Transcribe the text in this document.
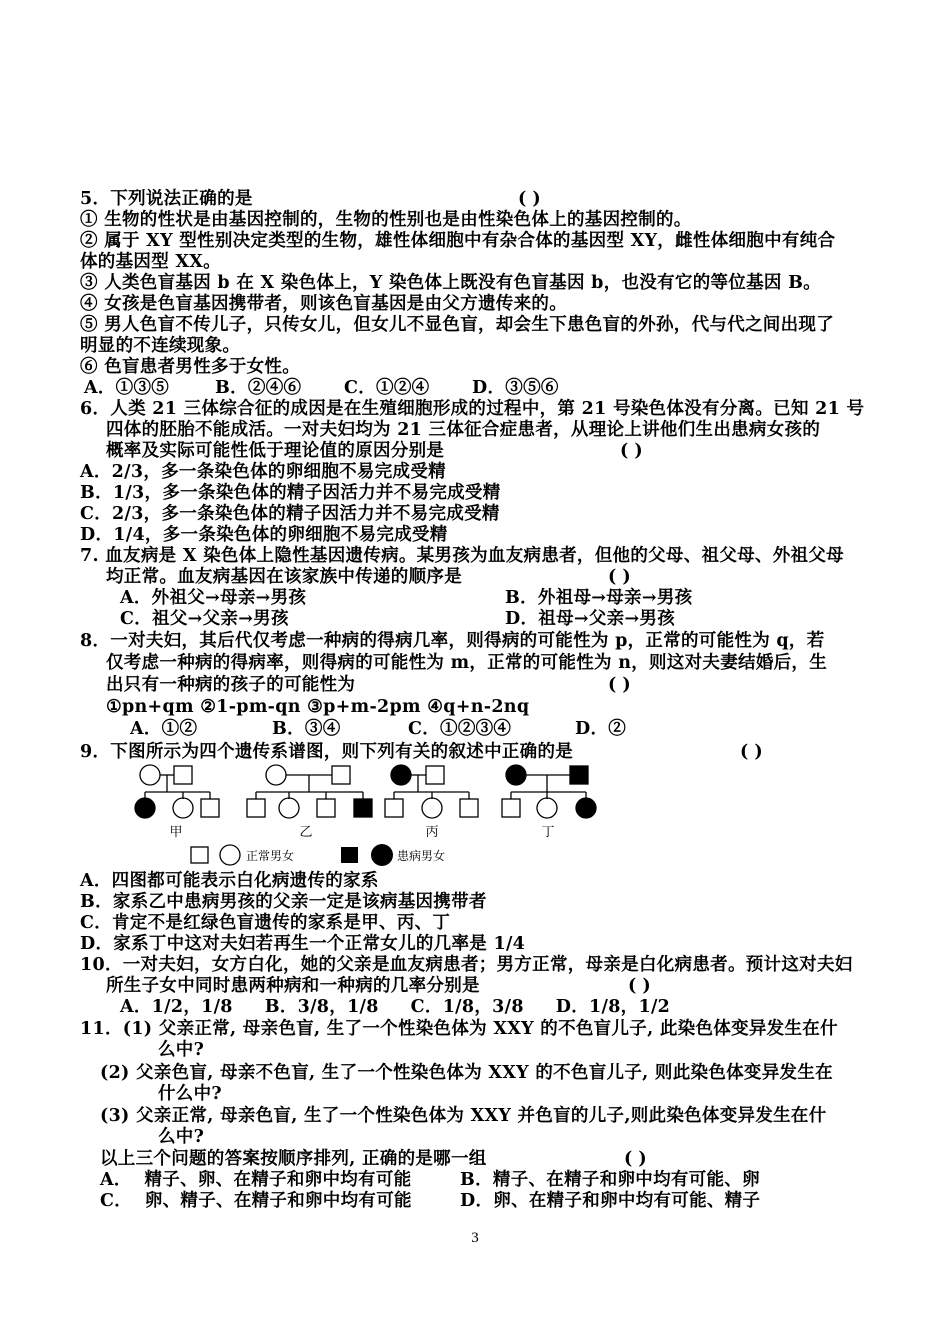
5．下列说法正确的是	( )
① 生物的性状是由基因控制的，生物的性别也是由性染色体上的基因控制的。
② 属于 XY 型性别决定类型的生物，雄性体细胞中有杂合体的基因型 XY，雌性体细胞中有纯合
体的基因型 XX。
③ 人类色盲基因 b 在 X 染色体上，Y 染色体上既没有色盲基因 b，也没有它的等位基因 B。
④ 女孩是色盲基因携带者，则该色盲基因是由父方遗传来的。
⑤ 男人色盲不传儿子，只传女儿，但女儿不显色盲，却会生下患色盲的外孙，代与代之间出现了
明显的不连续现象。
⑥ 色盲患者男性多于女性。
A．①③⑤	B．②④⑥ C．①②④ D．③⑤⑥
6．人类 21 三体综合征的成因是在生殖细胞形成的过程中，第 21 号染色体没有分离。已知 21 号
四体的胚胎不能成活。一对夫妇均为 21 三体征合症患者，从理论上讲他们生出患病女孩的
概率及实际可能性低于理论值的原因分别是	( )
A．2/3，多一条染色体的卵细胞不易完成受精
B．1/3，多一条染色体的精子因活力并不易完成受精
C．2/3，多一条染色体的精子因活力并不易完成受精
D．1/4，多一条染色体的卵细胞不易完成受精
7. 血友病是 X 染色体上隐性基因遗传病。某男孩为血友病患者，但他的父母、祖父母、外祖父母
均正常。血友病基因在该家族中传递的顺序是	( )
A．外祖父→母亲→男孩	B．外祖母→母亲→男孩
C．祖父→父亲→男孩	D．祖母→父亲→男孩
8．一对夫妇，其后代仅考虑一种病的得病几率，则得病的可能性为 p，正常的可能性为 q，若
仅考虑一种病的得病率，则得病的可能性为 m，正常的可能性为 n，则这对夫妻结婚后，生
出只有一种病的孩子的可能性为	( )
①pn+qm ②1-pm-qn ③p+m-2pm ④q+n-2nq
A．①②	B．③④	C．①②③④	D．②
9．下图所示为四个遗传系谱图，则下列有关的叙述中正确的是	( )
甲	乙	丙
正常男女	患病男女
丁
A．四图都可能表示白化病遗传的家系
B．家系乙中患病男孩的父亲一定是该病基因携带者
C．肯定不是红绿色盲遗传的家系是甲、丙、丁
D．家系丁中这对夫妇若再生一个正常女儿的几率是 1/4
10．一对夫妇，女方白化，她的父亲是血友病患者；男方正常，母亲是白化病患者。预计这对夫妇
所生子女中同时患两种病和一种病的几率分别是	( )
A．1/2，1/8     B．3/8，1/8     C．1/8，3/8     D．1/8，1/2
11．(1) 父亲正常, 母亲色盲, 生了一个性染色体为 XXY 的不色盲儿子, 此染色体变异发生在什
么中?
(2) 父亲色盲, 母亲不色盲, 生了一个性染色体为 XXY 的不色盲儿子, 则此染色体变异发生在
什么中?
(3) 父亲正常, 母亲色盲, 生了一个性染色体为 XXY 并色盲的儿子,则此染色体变异发生在什
么中?
以上三个问题的答案按顺序排列, 正确的是哪一组	( )
A．  精子、卵、在精子和卵中均有可能	B．精子、在精子和卵中均有可能、卵
C．  卵、精子、在精子和卵中均有可能	D．卵、在精子和卵中均有可能、精子
3
